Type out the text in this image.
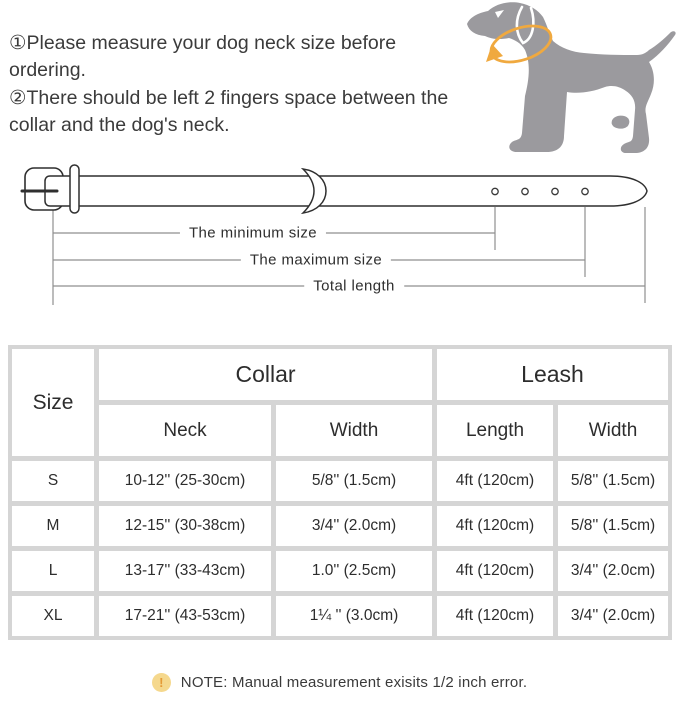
①Please measure your dog neck size before ordering.

②There should be left 2 fingers space between the collar and the dog's neck.

The minimum size
The maximum size
Total length
Size
Collar	Leash
Neck	Width	Length	Width
S	10-12'' (25-30cm)	5/8'' (1.5cm)	4ft (120cm)	5/8'' (1.5cm)
M	12-15'' (30-38cm)	3/4'' (2.0cm)	4ft (120cm)	5/8'' (1.5cm)
L	13-17'' (33-43cm)	1.0'' (2.5cm)	4ft (120cm)	3/4'' (2.0cm)
XL	17-21'' (43-53cm)	1¼ '' (3.0cm)	4ft (120cm)	3/4'' (2.0cm)
!	NOTE: Manual measurement exisits 1/2 inch error.
